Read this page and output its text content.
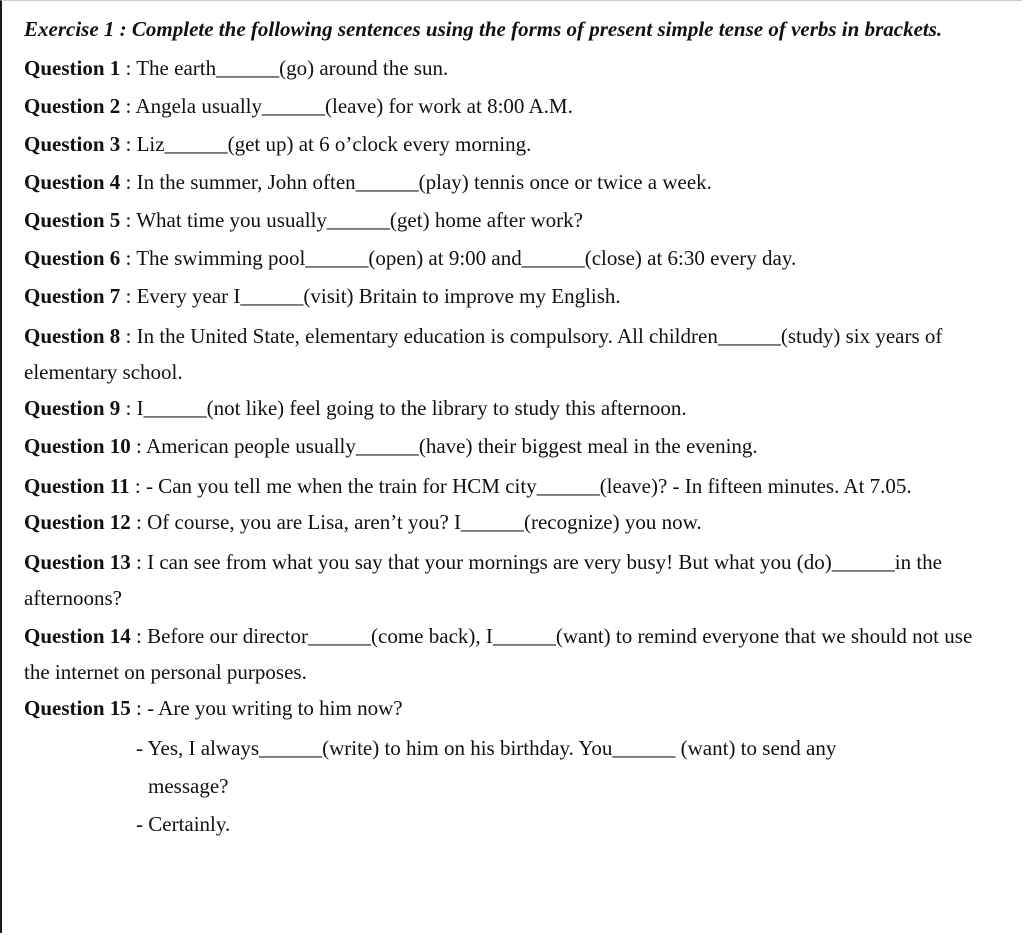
Exercise 1 : Complete the following sentences using the forms of present simple tense of verbs in brackets.

Question 1 : The earth______(go) around the sun.

Question 2 : Angela usually______(leave) for work at 8:00 A.M.

Question 3 : Liz______(get up) at 6 o’clock every morning.

Question 4 : In the summer, John often______(play) tennis once or twice a week.

Question 5 : What time you usually______(get) home after work?

Question 6 : The swimming pool______(open) at 9:00 and______(close) at 6:30 every day.

Question 7 : Every year I______(visit) Britain to improve my English.

Question 8 : In the United State, elementary education is compulsory. All children______(study) six years of elementary school.

Question 9 : I______(not like) feel going to the library to study this afternoon.

Question 10 : American people usually______(have) their biggest meal in the evening.

Question 11 : - Can you tell me when the train for HCM city______(leave)? - In fifteen minutes. At 7.05.

Question 12 : Of course, you are Lisa, aren’t you? I______(recognize) you now.

Question 13 : I can see from what you say that your mornings are very busy! But what you (do)______in the afternoons?

Question 14 : Before our director______(come back), I______(want) to remind everyone that we should not use the internet on personal purposes.

Question 15 : - Are you writing to him now?

- Yes, I always______(write) to him on his birthday. You______ (want) to send any

message?

- Certainly.
